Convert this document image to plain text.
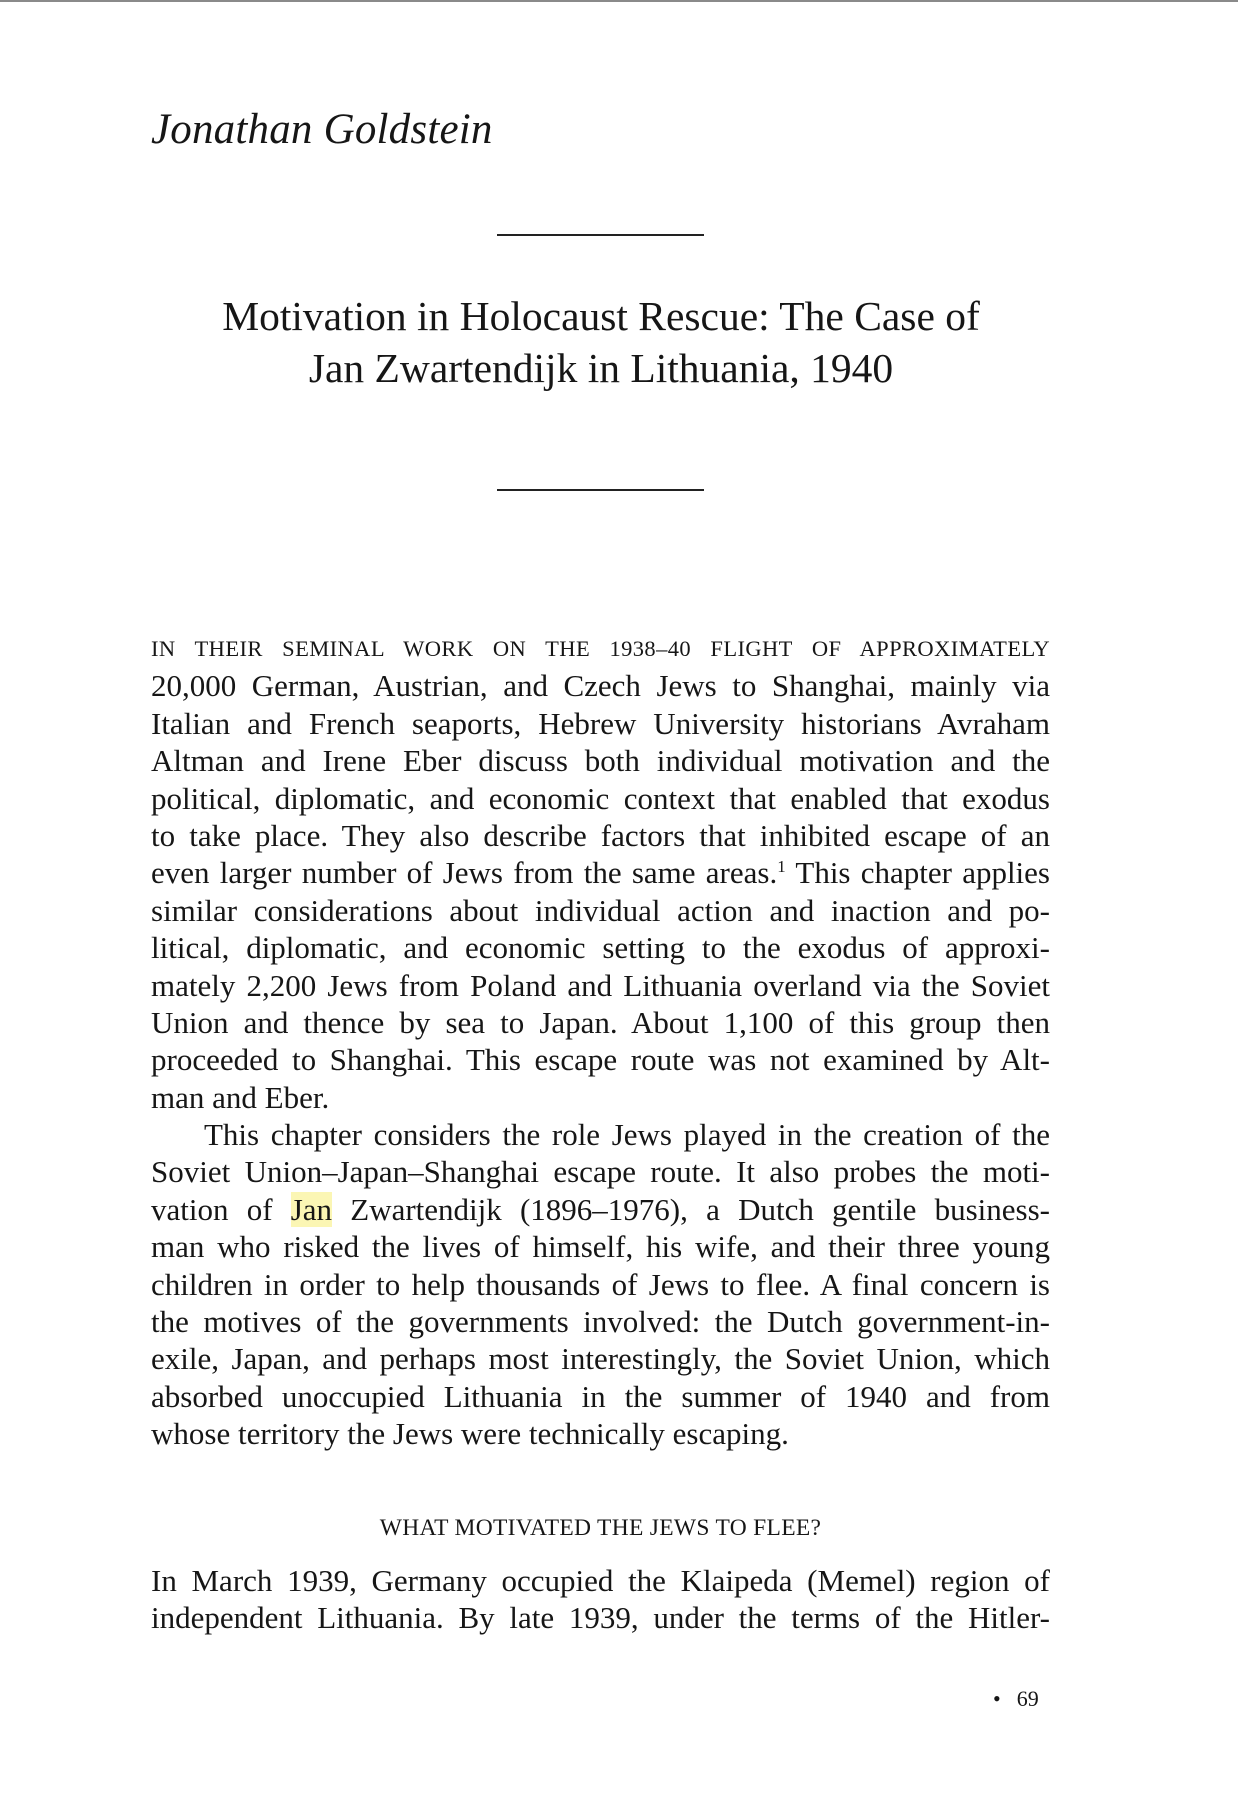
Jonathan Goldstein
Motivation in Holocaust Rescue: The Case of
Jan Zwartendijk in Lithuania, 1940
IN THEIR SEMINAL WORK ON THE 1938–40 FLIGHT OF APPROXIMATELY
20,000 German, Austrian, and Czech Jews to Shanghai, mainly via
Italian and French seaports, Hebrew University historians Avraham
Altman and Irene Eber discuss both individual motivation and the
political, diplomatic, and economic context that enabled that exodus
to take place. They also describe factors that inhibited escape of an
even larger number of Jews from the same areas.$^1$ This chapter applies
similar considerations about individual action and inaction and po-
litical, diplomatic, and economic setting to the exodus of approxi-
mately 2,200 Jews from Poland and Lithuania overland via the Soviet
Union and thence by sea to Japan. About 1,100 of this group then
proceeded to Shanghai. This escape route was not examined by Alt-
man and Eber.
This chapter considers the role Jews played in the creation of the
Soviet Union–Japan–Shanghai escape route. It also probes the moti-
vation of Jan Zwartendijk (1896–1976), a Dutch gentile business-
man who risked the lives of himself, his wife, and their three young
children in order to help thousands of Jews to flee. A final concern is
the motives of the governments involved: the Dutch government-in-
exile, Japan, and perhaps most interestingly, the Soviet Union, which
absorbed unoccupied Lithuania in the summer of 1940 and from
whose territory the Jews were technically escaping.
WHAT MOTIVATED THE JEWS TO FLEE?
In March 1939, Germany occupied the Klaipeda (Memel) region of
independent Lithuania. By late 1939, under the terms of the Hitler-
• 69
